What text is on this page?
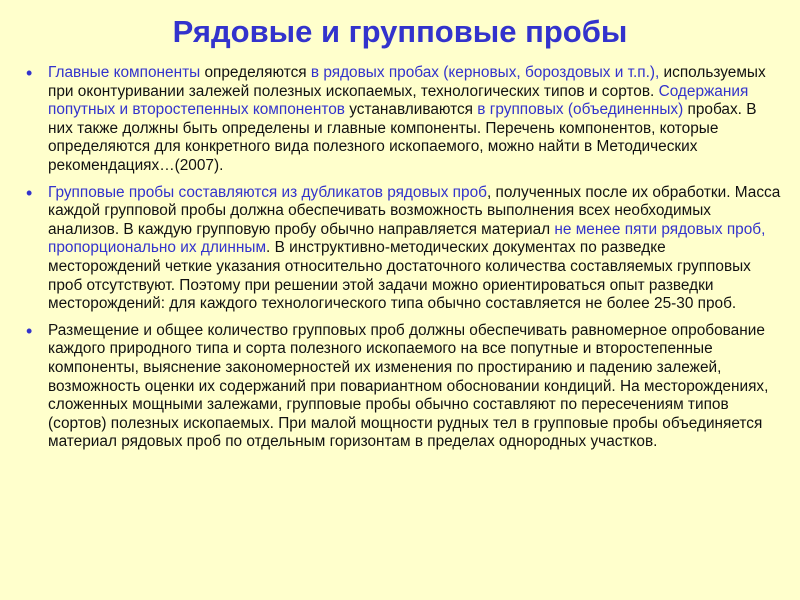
Рядовые и групповые пробы
• Главные компоненты определяются в рядовых пробах (керновых, бороздовых и т.п.), используемых при оконтуривании залежей полезных ископаемых, технологических типов и сортов. Содержания попутных и второстепенных компонентов устанавливаются в групповых (объединенных) пробах. В них также должны быть определены и главные компоненты. Перечень компонентов, которые определяются для конкретного вида полезного ископаемого, можно найти в Методических рекомендациях…(2007).
• Групповые пробы составляются из дубликатов рядовых проб, полученных после их обработки. Масса каждой групповой пробы должна обеспечивать возможность выполнения всех необходимых анализов. В каждую групповую пробу обычно направляется материал не менее пяти рядовых проб, пропорционально их длинным. В инструктивно-методических документах по разведке месторождений четкие указания относительно достаточного количества составляемых групповых проб отсутствуют. Поэтому при решении этой задачи можно ориентироваться опыт разведки месторождений: для каждого технологического типа обычно составляется не более 25-30 проб.
• Размещение и общее количество групповых проб должны обеспечивать равномерное опробование каждого природного типа и сорта полезного ископаемого на все попутные и второстепенные компоненты, выяснение закономерностей их изменения по простиранию и падению залежей, возможность оценки их содержаний при повариантном обосновании кондиций. На месторождениях, сложенных мощными залежами, групповые пробы обычно составляют по пересечениям типов (сортов) полезных ископаемых. При малой мощности рудных тел в групповые пробы объединяется материал рядовых проб по отдельным горизонтам в пределах однородных участков.
